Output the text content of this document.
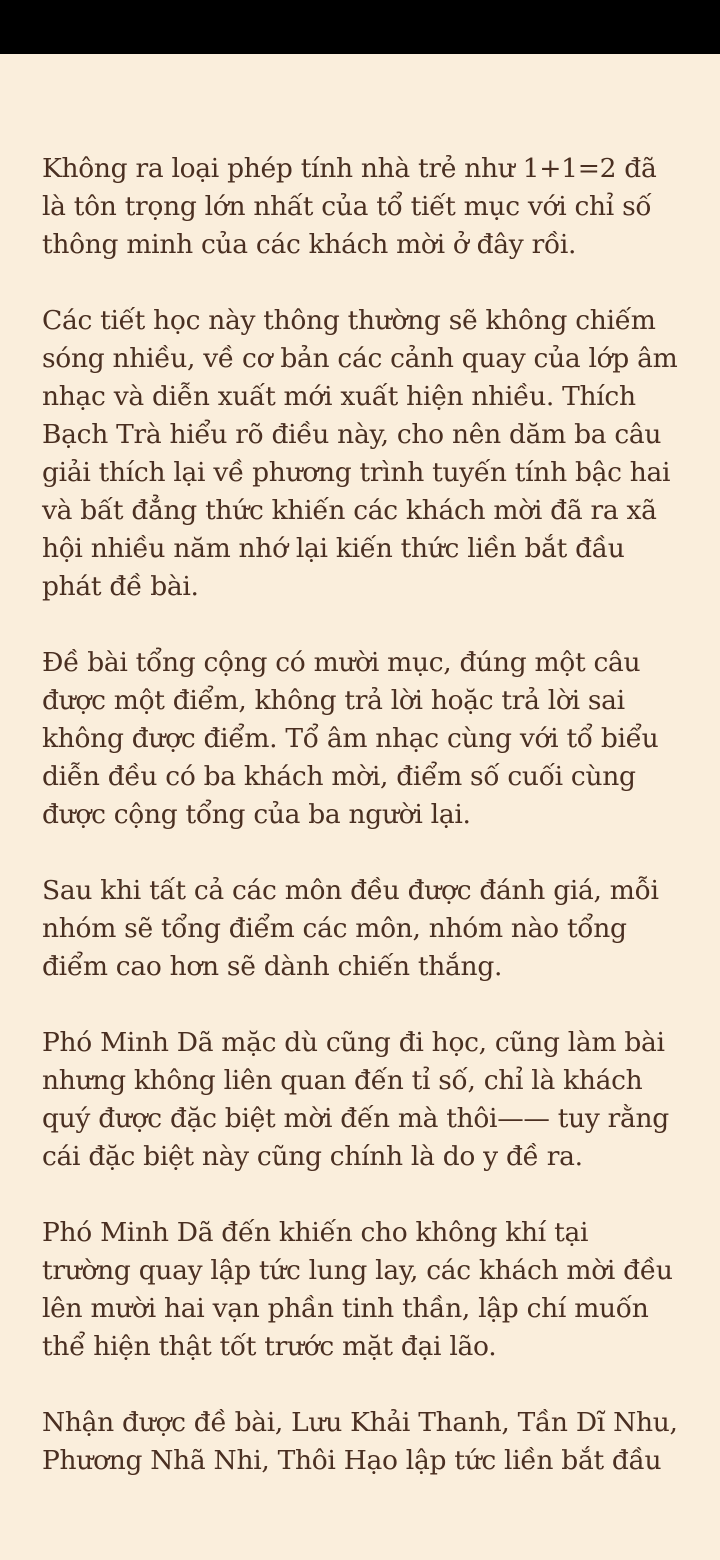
Không ra loại phép tính nhà trẻ như 1+1=2 đã là tôn trọng lớn nhất của tổ tiết mục với chỉ số thông minh của các khách mời ở đây rồi.

Các tiết học này thông thường sẽ không chiếm sóng nhiều, về cơ bản các cảnh quay của lớp âm nhạc và diễn xuất mới xuất hiện nhiều. Thích Bạch Trà hiểu rõ điều này, cho nên dăm ba câu giải thích lại về phương trình tuyến tính bậc hai và bất đẳng thức khiến các khách mời đã ra xã hội nhiều năm nhớ lại kiến thức liền bắt đầu phát đề bài.

Đề bài tổng cộng có mười mục, đúng một câu được một điểm, không trả lời hoặc trả lời sai không được điểm. Tổ âm nhạc cùng với tổ biểu diễn đều có ba khách mời, điểm số cuối cùng được cộng tổng của ba người lại.

Sau khi tất cả các môn đều được đánh giá, mỗi nhóm sẽ tổng điểm các môn, nhóm nào tổng điểm cao hơn sẽ dành chiến thắng.

Phó Minh Dã mặc dù cũng đi học, cũng làm bài nhưng không liên quan đến tỉ số, chỉ là khách quý được đặc biệt mời đến mà thôi—— tuy rằng cái đặc biệt này cũng chính là do y đề ra.

Phó Minh Dã đến khiến cho không khí tại trường quay lập tức lung lay, các khách mời đều lên mười hai vạn phần tinh thần, lập chí muốn thể hiện thật tốt trước mặt đại lão.

Nhận được đề bài, Lưu Khải Thanh, Tần Dĩ Nhu, Phương Nhã Nhi, Thôi Hạo lập tức liền bắt đầu
